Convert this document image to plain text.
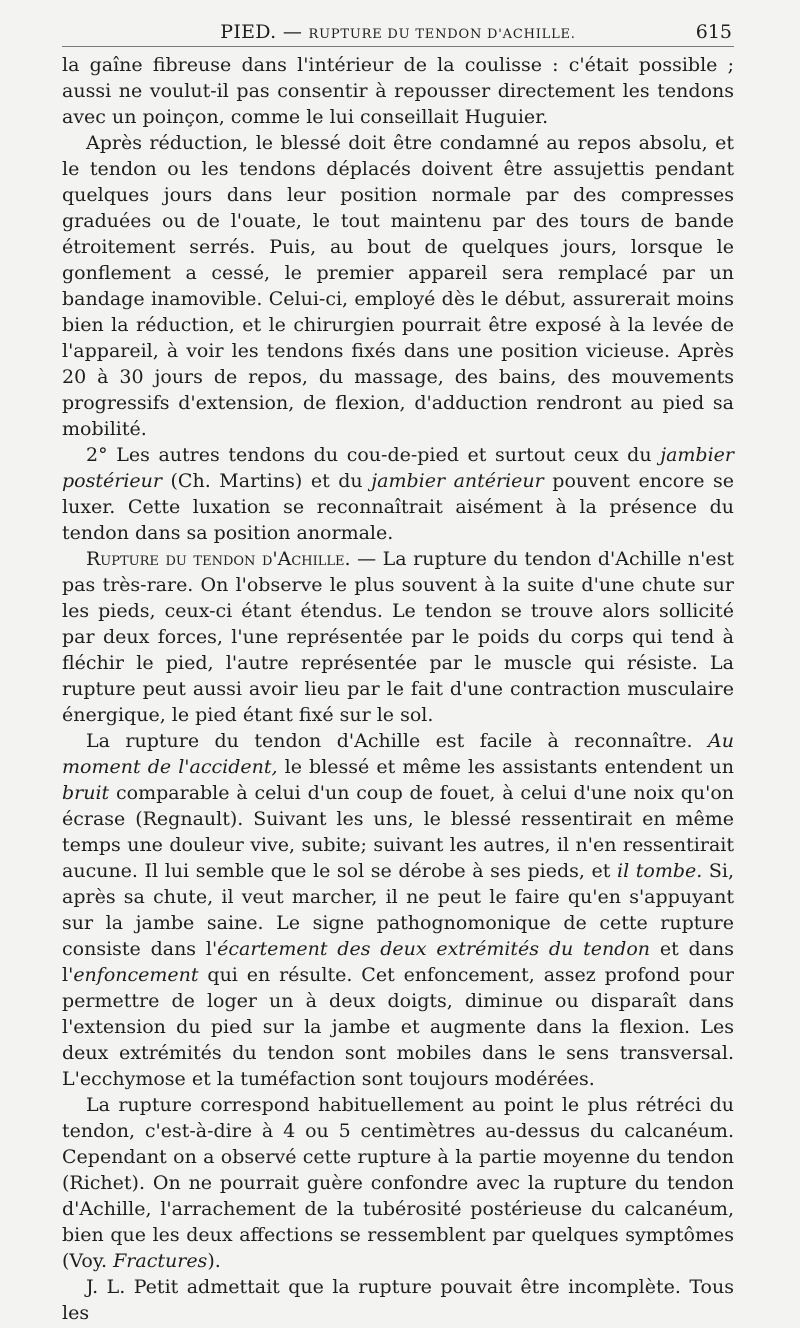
PIED. — RUPTURE DU TENDON D'ACHILLE.	615

la gaîne fibreuse dans l'intérieur de la coulisse : c'était possible ; aussi ne voulut-il pas consentir à repousser directement les tendons avec un poinçon, comme le lui conseillait Huguier.

Après réduction, le blessé doit être condamné au repos absolu, et le tendon ou les tendons déplacés doivent être assujettis pendant quelques jours dans leur position normale par des compresses graduées ou de l'ouate, le tout maintenu par des tours de bande étroitement serrés. Puis, au bout de quelques jours, lorsque le gonflement a cessé, le premier appareil sera remplacé par un bandage inamovible. Celui-ci, employé dès le début, assurerait moins bien la réduction, et le chirurgien pourrait être exposé à la levée de l'appareil, à voir les tendons fixés dans une position vicieuse. Après 20 à 30 jours de repos, du massage, des bains, des mouvements progressifs d'extension, de flexion, d'adduction rendront au pied sa mobilité.

2° Les autres tendons du cou-de-pied et surtout ceux du jambier postérieur (Ch. Martins) et du jambier antérieur pouvent encore se luxer. Cette luxation se reconnaîtrait aisément à la présence du tendon dans sa position anormale.

Rupture du tendon d'Achille. — La rupture du tendon d'Achille n'est pas très-rare. On l'observe le plus souvent à la suite d'une chute sur les pieds, ceux-ci étant étendus. Le tendon se trouve alors sollicité par deux forces, l'une représentée par le poids du corps qui tend à fléchir le pied, l'autre représentée par le muscle qui résiste. La rupture peut aussi avoir lieu par le fait d'une contraction musculaire énergique, le pied étant fixé sur le sol.

La rupture du tendon d'Achille est facile à reconnaître. Au moment de l'accident, le blessé et même les assistants entendent un bruit comparable à celui d'un coup de fouet, à celui d'une noix qu'on écrase (Regnault). Suivant les uns, le blessé ressentirait en même temps une douleur vive, subite; suivant les autres, il n'en ressentirait aucune. Il lui semble que le sol se dérobe à ses pieds, et il tombe. Si, après sa chute, il veut marcher, il ne peut le faire qu'en s'appuyant sur la jambe saine. Le signe pathognomonique de cette rupture consiste dans l'écartement des deux extrémités du tendon et dans l'enfoncement qui en résulte. Cet enfoncement, assez profond pour permettre de loger un à deux doigts, diminue ou disparaît dans l'extension du pied sur la jambe et augmente dans la flexion. Les deux extrémités du tendon sont mobiles dans le sens transversal. L'ecchymose et la tuméfaction sont toujours modérées.

La rupture correspond habituellement au point le plus rétréci du tendon, c'est-à-dire à 4 ou 5 centimètres au-dessus du calcanéum. Cependant on a observé cette rupture à la partie moyenne du tendon (Richet). On ne pourrait guère confondre avec la rupture du tendon d'Achille, l'arrachement de la tubérosité postérieuse du calcanéum, bien que les deux affections se ressemblent par quelques symptômes (Voy. Fractures).

J. L. Petit admettait que la rupture pouvait être incomplète. Tous les
